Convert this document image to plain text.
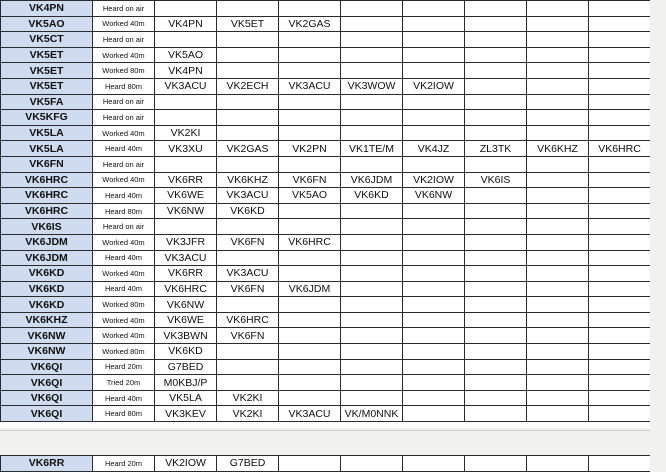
VK4PN	Heard on air								
VK5AO	Worked 40m	VK4PN	VK5ET	VK2GAS					
VK5CT	Heard on air								
VK5ET	Worked 40m	VK5AO							
VK5ET	Worked 80m	VK4PN							
VK5ET	Heard 80m	VK3ACU	VK2ECH	VK3ACU	VK3WOW	VK2IOW			
VK5FA	Heard on air								
VK5KFG	Heard on air								
VK5LA	Worked 40m	VK2KI							
VK5LA	Heard 40m	VK3XU	VK2GAS	VK2PN	VK1TE/M	VK4JZ	ZL3TK	VK6KHZ	VK6HRC
VK6FN	Heard on air								
VK6HRC	Worked 40m	VK6RR	VK6KHZ	VK6FN	VK6JDM	VK2IOW	VK6IS		
VK6HRC	Heard 40m	VK6WE	VK3ACU	VK5AO	VK6KD	VK6NW			
VK6HRC	Heard 80m	VK6NW	VK6KD						
VK6IS	Heard on air								
VK6JDM	Worked 40m	VK3JFR	VK6FN	VK6HRC					
VK6JDM	Heard 40m	VK3ACU							
VK6KD	Worked 40m	VK6RR	VK3ACU						
VK6KD	Heard 40m	VK6HRC	VK6FN	VK6JDM					
VK6KD	Worked 80m	VK6NW							
VK6KHZ	Worked 40m	VK6WE	VK6HRC						
VK6NW	Worked 40m	VK3BWN	VK6FN						
VK6NW	Worked 80m	VK6KD							
VK6QI	Heard 20m	G7BED							
VK6QI	Tried 20m	M0KBJ/P							
VK6QI	Heard 40m	VK5LA	VK2KI						
VK6QI	Heard 80m	VK3KEV	VK2KI	VK3ACU	VK/M0NNK				
VK6RR	Heard 20m	VK2IOW	G7BED						
